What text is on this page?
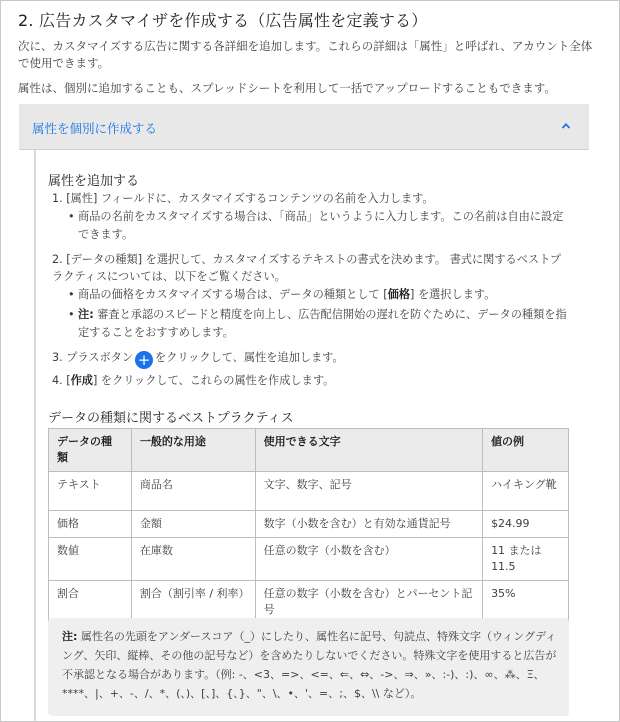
2. 広告カスタマイザを作成する（広告属性を定義する）

次に、カスタマイズする広告に関する各詳細を追加します。これらの詳細は「属性」と呼ばれ、アカウント全体で使用できます。

属性は、個別に追加することも、スプレッドシートを利用して一括でアップロードすることもできます。

属性を個別に作成する
属性を追加する
1. [属性] フィールドに、カスタマイズするコンテンツの名前を入力します。
• 商品の名前をカスタマイズする場合は、「商品」というように入力します。この名前は自由に設定できます。
2. [データの種類] を選択して、カスタマイズするテキストの書式を決めます。 書式に関するベストプラクティスについては、以下をご覧ください。
• 商品の価格をカスタマイズする場合は、データの種類として [価格] を選択します。
• 注: 審査と承認のスピードと精度を向上し、広告配信開始の遅れを防ぐために、データの種類を指定することをおすすめします。
3. プラスボタン + をクリックして、属性を追加します。
4. [作成] をクリックして、これらの属性を作成します。
データの種類に関するベストプラクティス
データの種類	一般的な用途	使用できる文字	値の例
テキスト	商品名	文字、数字、記号	ハイキング靴
価格	金額	数字（小数を含む）と有効な通貨記号	$24.99
数値	在庫数	任意の数字（小数を含む）	11 または 11.5
割合	割合（割引率 / 利率）	任意の数字（小数を含む）とパーセント記号	35%
注: 属性名の先頭をアンダースコア（_）にしたり、属性名に記号、句読点、特殊文字（ウィングディング、矢印、縦棒、その他の記号など）を含めたりしないでください。特殊文字を使用すると広告が不承認となる場合があります。（例: -、<3、=>、<=、⇐、⇔、->、⇒、»、:-)、:)、∞、⁂、Ξ、****、|、+、-、/、*、(、)、[、]、{、}、"、\、•、'、=、;、$、\\ など）。
